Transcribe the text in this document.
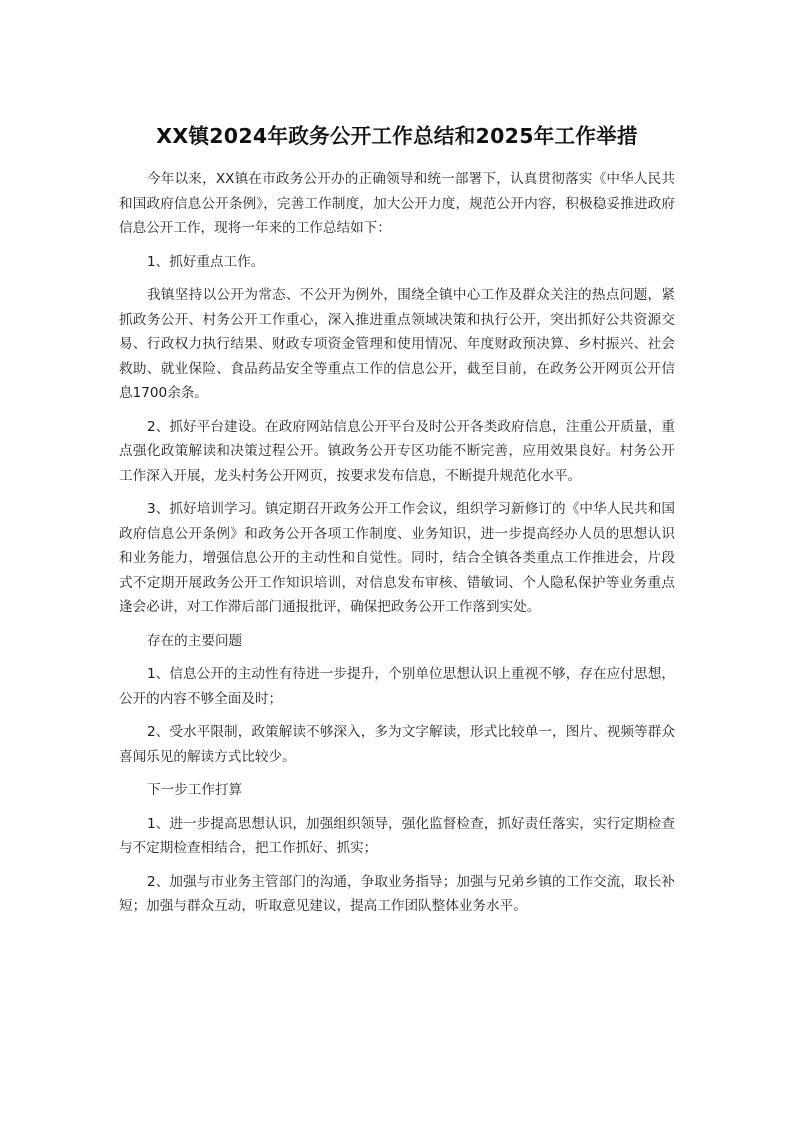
XX镇2024年政务公开工作总结和2025年工作举措

今年以来，XX镇在市政务公开办的正确领导和统一部署下，认真贯彻落实《中华人民共和国政府信息公开条例》，完善工作制度，加大公开力度，规范公开内容，积极稳妥推进政府信息公开工作，现将一年来的工作总结如下：

1、抓好重点工作。

我镇坚持以公开为常态、不公开为例外，围绕全镇中心工作及群众关注的热点问题，紧抓政务公开、村务公开工作重心，深入推进重点领域决策和执行公开，突出抓好公共资源交易、行政权力执行结果、财政专项资金管理和使用情况、年度财政预决算、乡村振兴、社会救助、就业保险、食品药品安全等重点工作的信息公开，截至目前，在政务公开网页公开信息1700余条。

2、抓好平台建设。在政府网站信息公开平台及时公开各类政府信息，注重公开质量，重点强化政策解读和决策过程公开。镇政务公开专区功能不断完善，应用效果良好。村务公开工作深入开展，龙头村务公开网页，按要求发布信息，不断提升规范化水平。

3、抓好培训学习。镇定期召开政务公开工作会议，组织学习新修订的《中华人民共和国政府信息公开条例》和政务公开各项工作制度、业务知识，进一步提高经办人员的思想认识和业务能力，增强信息公开的主动性和自觉性。同时，结合全镇各类重点工作推进会，片段式不定期开展政务公开工作知识培训，对信息发布审核、错敏词、个人隐私保护等业务重点逢会必讲，对工作滞后部门通报批评，确保把政务公开工作落到实处。

存在的主要问题

1、信息公开的主动性有待进一步提升，个别单位思想认识上重视不够，存在应付思想，公开的内容不够全面及时；

2、受水平限制，政策解读不够深入，多为文字解读，形式比较单一，图片、视频等群众喜闻乐见的解读方式比较少。

下一步工作打算

1、进一步提高思想认识，加强组织领导，强化监督检查，抓好责任落实，实行定期检查与不定期检查相结合，把工作抓好、抓实；

2、加强与市业务主管部门的沟通，争取业务指导；加强与兄弟乡镇的工作交流，取长补短；加强与群众互动，听取意见建议，提高工作团队整体业务水平。
